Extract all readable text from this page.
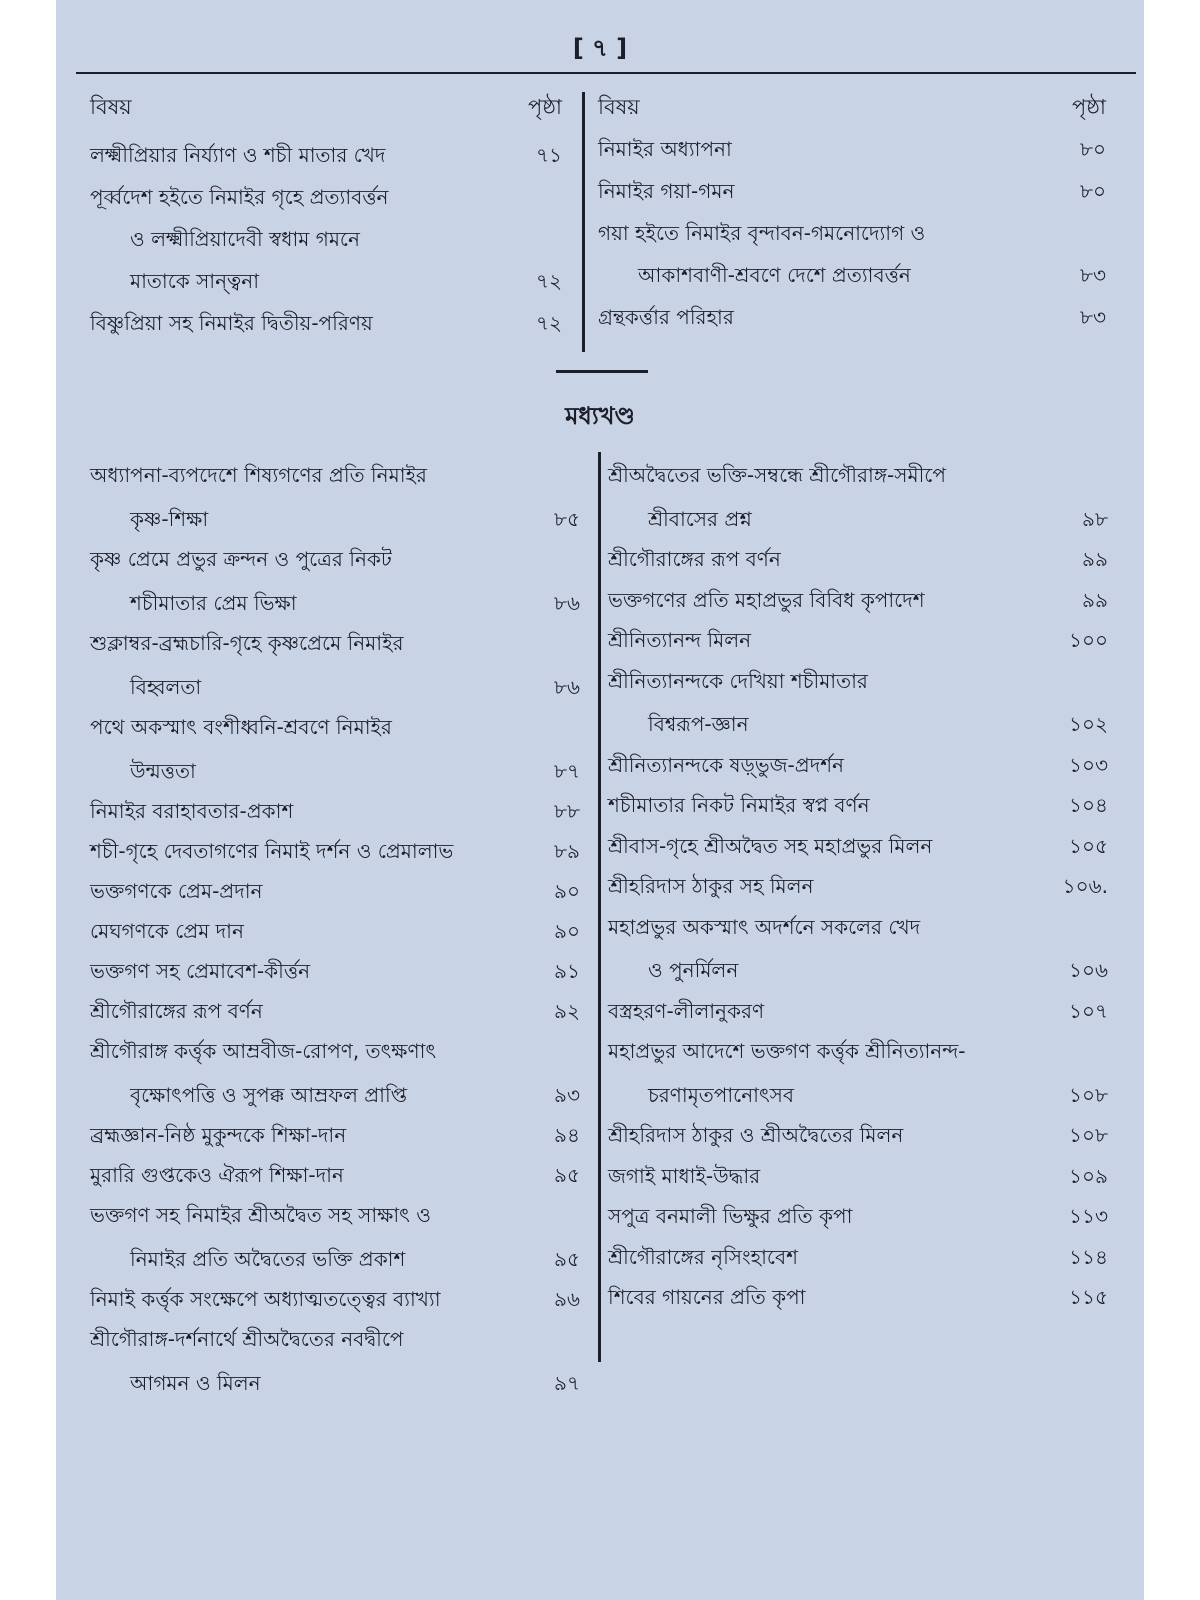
[ ৭ ]
বিষয়	পৃষ্ঠা
লক্ষ্মীপ্রিয়ার নির্য্যাণ ও শচী মাতার খেদ	৭১
পূর্ব্বদেশ হইতে নিমাইর গৃহে প্রত্যাবর্ত্তন
ও লক্ষ্মীপ্রিয়াদেবী স্বধাম গমনে
মাতাকে সান্ত্বনা	৭২
বিষ্ণুপ্রিয়া সহ নিমাইর দ্বিতীয়-পরিণয়	৭২
বিষয়	পৃষ্ঠা
নিমাইর অধ্যাপনা	৮০
নিমাইর গয়া-গমন	৮০
গয়া হইতে নিমাইর বৃন্দাবন-গমনোদ্যোগ ও
আকাশবাণী-শ্রবণে দেশে প্রত্যাবর্ত্তন	৮৩
গ্রন্থকর্ত্তার পরিহার	৮৩
মধ্যখণ্ড
অধ্যাপনা-ব্যপদেশে শিষ্যগণের প্রতি নিমাইর
কৃষ্ণ-শিক্ষা	৮৫
কৃষ্ণ প্রেমে প্রভুর ক্রন্দন ও পুত্রের নিকট
শচীমাতার প্রেম ভিক্ষা	৮৬
শুক্লাম্বর-ব্রহ্মচারি-গৃহে কৃষ্ণপ্রেমে নিমাইর
বিহ্বলতা	৮৬
পথে অকস্মাৎ বংশীধ্বনি-শ্রবণে নিমাইর
উন্মত্ততা	৮৭
নিমাইর বরাহাবতার-প্রকাশ	৮৮
শচী-গৃহে দেবতাগণের নিমাই দর্শন ও প্রেমালাভ	৮৯
ভক্তগণকে প্রেম-প্রদান	৯০
মেঘগণকে প্রেম দান	৯০
ভক্তগণ সহ প্রেমাবেশ-কীর্ত্তন	৯১
শ্রীগৌরাঙ্গের রূপ বর্ণন	৯২
শ্রীগৌরাঙ্গ কর্ত্তৃক আম্রবীজ-রোপণ, তৎক্ষণাৎ
বৃক্ষোৎপত্তি ও সুপক্ক আম্রফল প্রাপ্তি	৯৩
ব্রহ্মজ্ঞান-নিষ্ঠ মুকুন্দকে শিক্ষা-দান	৯৪
মুরারি গুপ্তকেও ঐরূপ শিক্ষা-দান	৯৫
ভক্তগণ সহ নিমাইর শ্রীঅদ্বৈত সহ সাক্ষাৎ ও
নিমাইর প্রতি অদ্বৈতের ভক্তি প্রকাশ	৯৫
নিমাই কর্ত্তৃক সংক্ষেপে অধ্যাত্মতত্ত্বের ব্যাখ্যা	৯৬
শ্রীগৌরাঙ্গ-দর্শনার্থে শ্রীঅদ্বৈতের নবদ্বীপে
আগমন ও মিলন	৯৭
শ্রীঅদ্বৈতের ভক্তি-সম্বন্ধে শ্রীগৌরাঙ্গ-সমীপে
শ্রীবাসের প্রশ্ন	৯৮
শ্রীগৌরাঙ্গের রূপ বর্ণন	৯৯
ভক্তগণের প্রতি মহাপ্রভুর বিবিধ কৃপাদেশ	৯৯
শ্রীনিত্যানন্দ মিলন	১০০
শ্রীনিত্যানন্দকে দেখিয়া শচীমাতার
বিশ্বরূপ-জ্ঞান	১০২
শ্রীনিত্যানন্দকে ষড়্ভুজ-প্রদর্শন	১০৩
শচীমাতার নিকট নিমাইর স্বপ্ন বর্ণন	১০৪
শ্রীবাস-গৃহে শ্রীঅদ্বৈত সহ মহাপ্রভুর মিলন	১০৫
শ্রীহরিদাস ঠাকুর সহ মিলন	১০৬.
মহাপ্রভুর অকস্মাৎ অদর্শনে সকলের খেদ
ও পুনর্মিলন	১০৬
বস্ত্রহরণ-লীলানুকরণ	১০৭
মহাপ্রভুর আদেশে ভক্তগণ কর্ত্তৃক শ্রীনিত্যানন্দ-
চরণামৃতপানোৎসব	১০৮
শ্রীহরিদাস ঠাকুর ও শ্রীঅদ্বৈতের মিলন	১০৮
জগাই মাধাই-উদ্ধার	১০৯
সপুত্র বনমালী ভিক্ষুর প্রতি কৃপা	১১৩
শ্রীগৌরাঙ্গের নৃসিংহাবেশ	১১৪
শিবের গায়নের প্রতি কৃপা	১১৫
